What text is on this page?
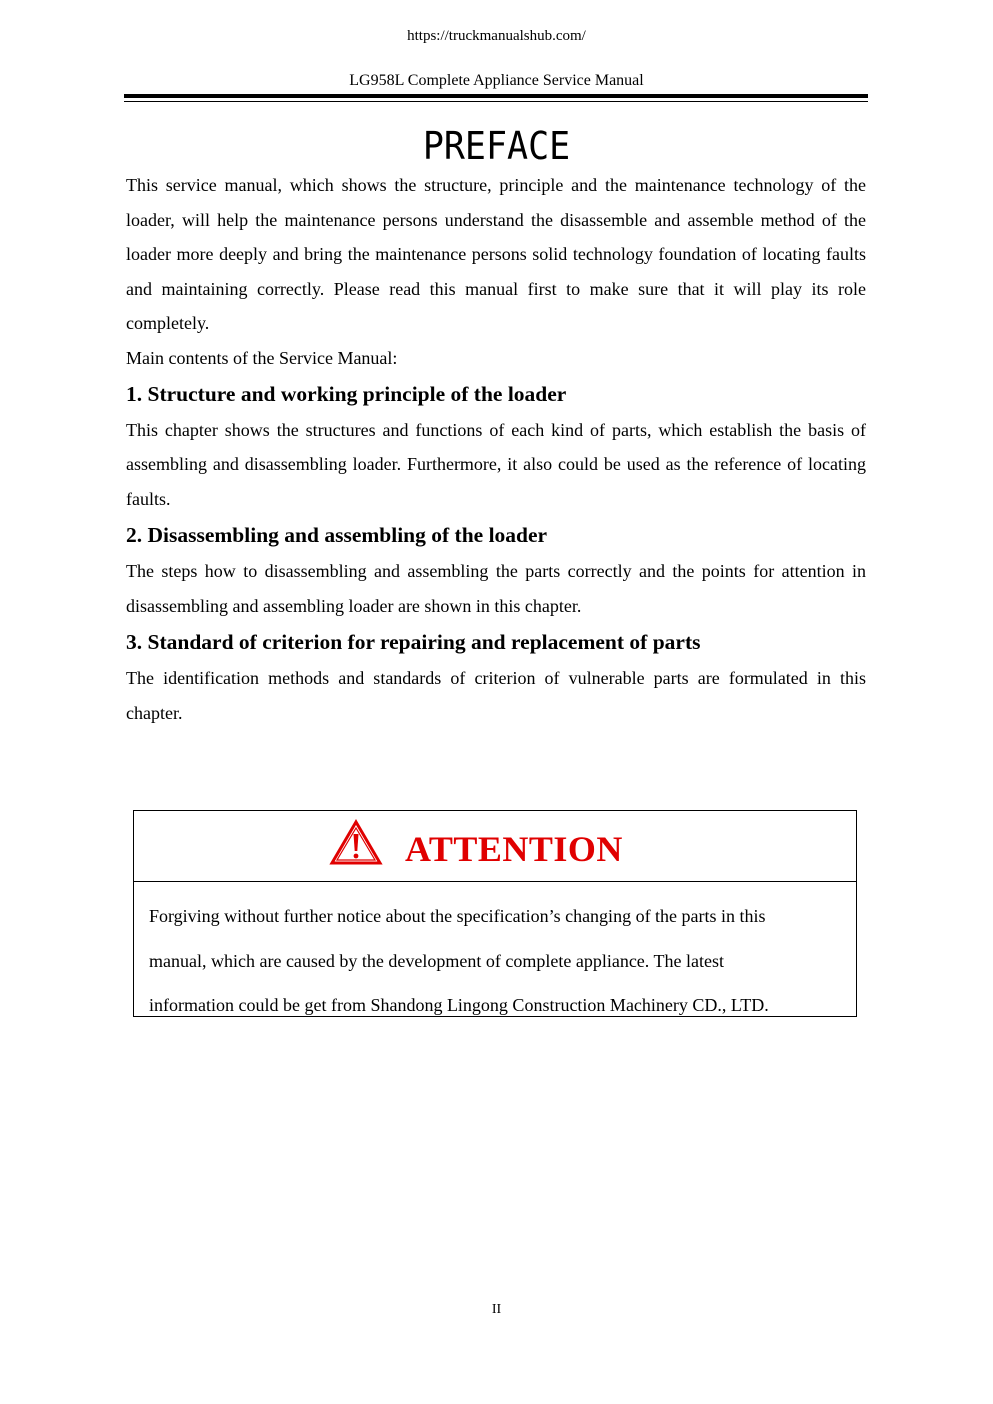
https://truckmanualshub.com/
LG958L Complete Appliance Service Manual
PREFACE

This service manual, which shows the structure, principle and the maintenance technology of the loader, will help the maintenance persons understand the disassemble and assemble method of the loader more deeply and bring the maintenance persons solid technology foundation of locating faults and maintaining correctly. Please read this manual first to make sure that it will play its role completely.

Main contents of the Service Manual:

1. Structure and working principle of the loader

This chapter shows the structures and functions of each kind of parts, which establish the basis of assembling and disassembling loader. Furthermore, it also could be used as the reference of locating faults.

2. Disassembling and assembling of the loader

The steps how to disassembling and assembling the parts correctly and the points for attention in disassembling and assembling loader are shown in this chapter.

3. Standard of criterion for repairing and replacement of parts

The identification methods and standards of criterion of vulnerable parts are formulated in this chapter.

ATTENTION
Forgiving without further notice about the specification’s changing of the parts in this
manual, which are caused by the development of complete appliance. The latest
information could be get from Shandong Lingong Construction Machinery CD., LTD.
II
